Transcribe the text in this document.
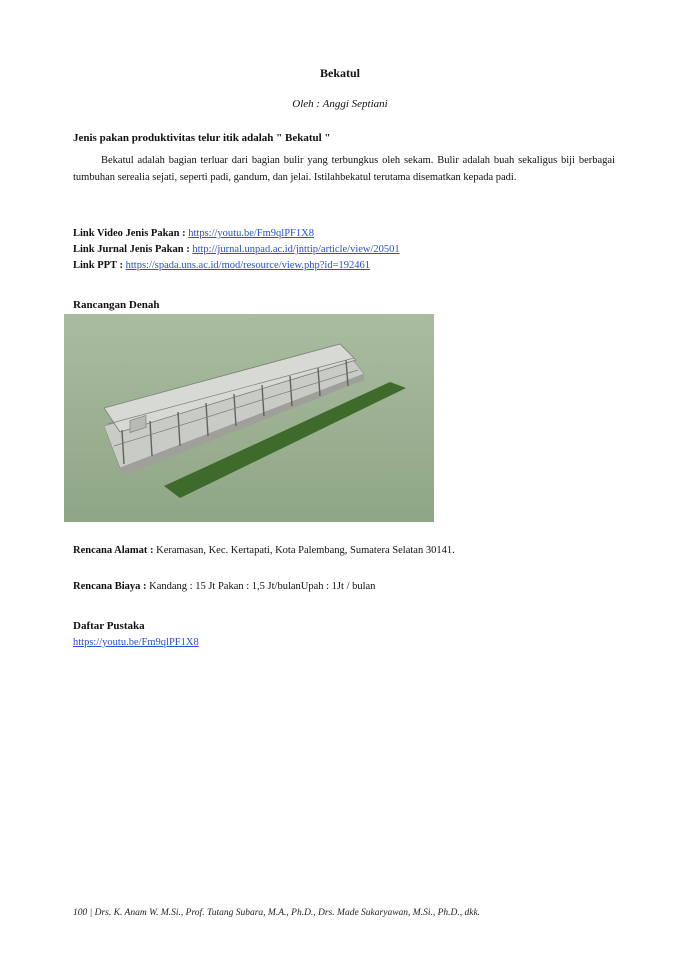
Bekatul
Oleh : Anggi Septiani
Jenis pakan produktivitas telur itik adalah " Bekatul "
Bekatul adalah bagian terluar dari bagian bulir yang terbungkus oleh sekam. Bulir adalah buah sekaligus biji berbagai tumbuhan serealia sejati, seperti padi, gandum, dan jelai. Istilahbekatul terutama disematkan kepada padi.
Link Video Jenis Pakan : https://youtu.be/Fm9qlPF1X8
Link Jurnal Jenis Pakan : http://jurnal.unpad.ac.id/jnttip/article/view/20501
Link PPT : https://spada.uns.ac.id/mod/resource/view.php?id=192461
Rancangan Denah
Rencana Alamat : Keramasan, Kec. Kertapati, Kota Palembang, Sumatera Selatan 30141.
Rencana Biaya : Kandang : 15 Jt Pakan : 1,5 Jt/bulanUpah : 1Jt / bulan
Daftar Pustaka
https://youtu.be/Fm9qlPF1X8
100 | Drs. K. Anam W. M.Si., Prof. Tutang Subara, M.A., Ph.D., Drs. Made Sukaryawan, M.Si., Ph.D., dkk.
